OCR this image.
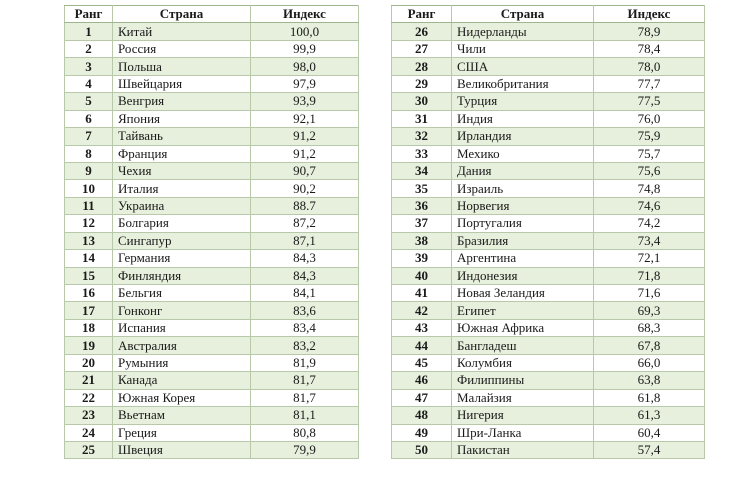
Ранг	Страна	Индекс
1	Китай	100,0
2	Россия	99,9
3	Польша	98,0
4	Швейцария	97,9
5	Венгрия	93,9
6	Япония	92,1
7	Тайвань	91,2
8	Франция	91,2
9	Чехия	90,7
10	Италия	90,2
11	Украина	88.7
12	Болгария	87,2
13	Сингапур	87,1
14	Германия	84,3
15	Финляндия	84,3
16	Бельгия	84,1
17	Гонконг	83,6
18	Испания	83,4
19	Австралия	83,2
20	Румыния	81,9
21	Канада	81,7
22	Южная Корея	81,7
23	Вьетнам	81,1
24	Греция	80,8
25	Швеция	79,9
Ранг	Страна	Индекс
26	Нидерланды	78,9
27	Чили	78,4
28	США	78,0
29	Великобритания	77,7
30	Турция	77,5
31	Индия	76,0
32	Ирландия	75,9
33	Мехико	75,7
34	Дания	75,6
35	Израиль	74,8
36	Норвегия	74,6
37	Португалия	74,2
38	Бразилия	73,4
39	Аргентина	72,1
40	Индонезия	71,8
41	Новая Зеландия	71,6
42	Египет	69,3
43	Южная Африка	68,3
44	Бангладеш	67,8
45	Колумбия	66,0
46	Филиппины	63,8
47	Малайзия	61,8
48	Нигерия	61,3
49	Шри-Ланка	60,4
50	Пакистан	57,4
